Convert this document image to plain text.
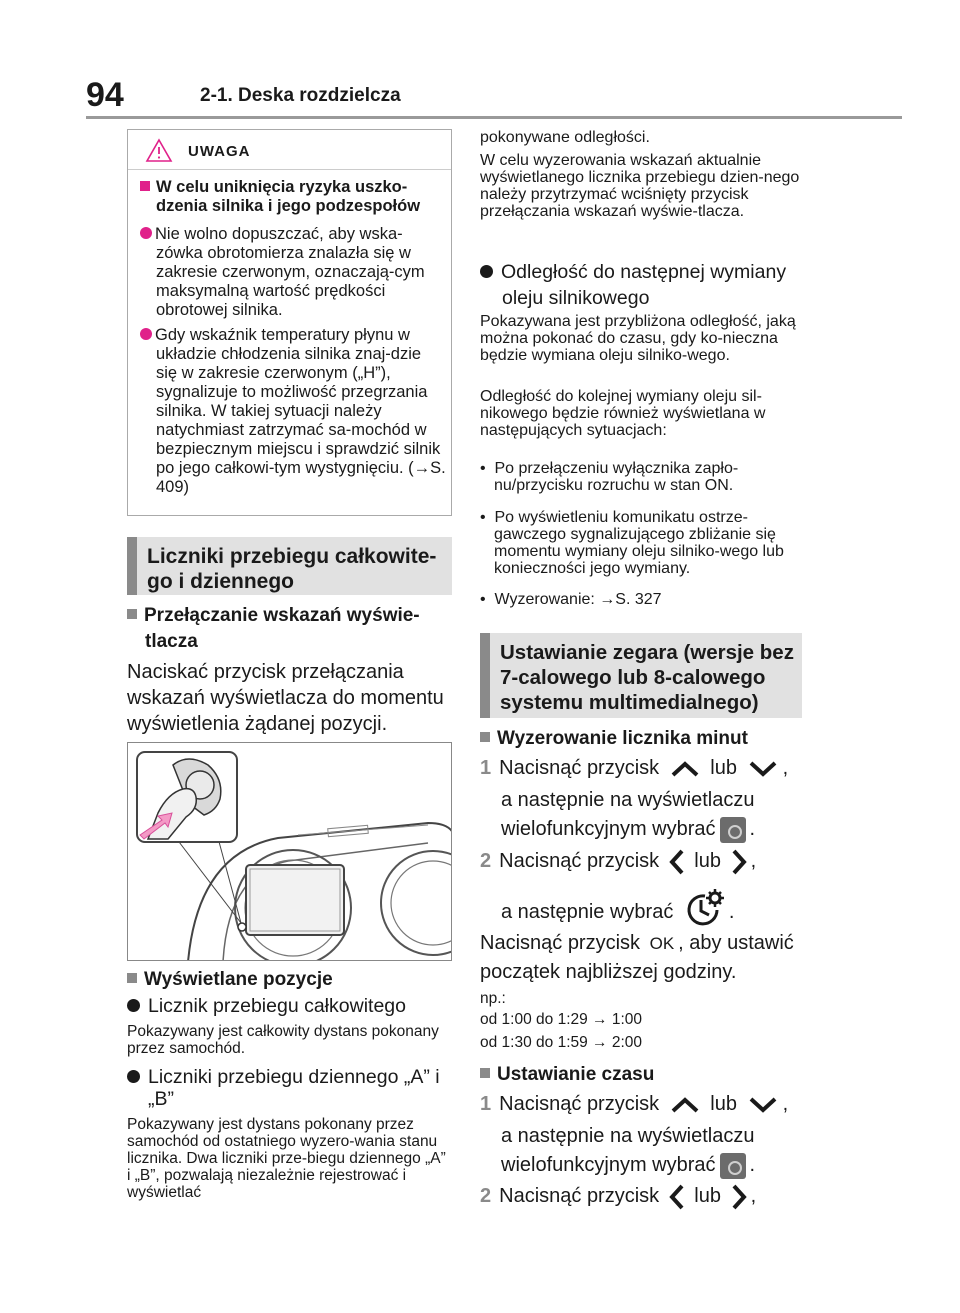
94	2-1. Deska rozdzielcza
UWAGA
W celu uniknięcia ryzyka uszko-dzenia silnika i jego podzespołów
Nie wolno dopuszczać, aby wska-zówka obrotomierza znalazła się w zakresie czerwonym, oznaczają-cym maksymalną wartość prędkości obrotowej silnika.
Gdy wskaźnik temperatury płynu w układzie chłodzenia silnika znaj-dzie się w zakresie czerwonym („H”), sygnalizuje to możliwość przegrzania silnika. W takiej sytuacji należy natychmiast zatrzymać sa-mochód w bezpiecznym miejscu i sprawdzić silnik po jego całkowi-tym wystygnięciu. (→S. 409)
Liczniki przebiegu całkowite-go i dziennego
Przełączanie wskazań wyświe-tlacza
Naciskać przycisk przełączania wskazań wyświetlacza do momentu wyświetlenia żądanej pozycji.
Wyświetlane pozycje
Licznik przebiegu całkowitego
Pokazywany jest całkowity dystans pokonany przez samochód.
Liczniki przebiegu dziennego „A” i „B”
Pokazywany jest dystans pokonany przez samochód od ostatniego wyzero-wania stanu licznika. Dwa liczniki prze-biegu dziennego „A” i „B”, pozwalają niezależnie rejestrować i wyświetlać
pokonywane odległości.
W celu wyzerowania wskazań aktualnie wyświetlanego licznika przebiegu dzien-nego należy przytrzymać wciśnięty przycisk przełączania wskazań wyświe-tlacza.
Odległość do następnej wymiany oleju silnikowego
Pokazywana jest przybliżona odległość, jaką można pokonać do czasu, gdy ko-nieczna będzie wymiana oleju silniko-wego.
Odległość do kolejnej wymiany oleju sil-nikowego będzie również wyświetlana w następujących sytuacjach:
•  Po przełączeniu wyłącznika zapło-nu/przycisku rozruchu w stan ON.
•  Po wyświetleniu komunikatu ostrze-gawczego sygnalizującego zbliżanie się momentu wymiany oleju silniko-wego lub konieczności jego wymiany.
•  Wyzerowanie: →S. 327
Ustawianie zegara (wersje bez 7-calowego lub 8-calowego systemu multimedialnego)
Wyzerowanie licznika minut
1 Nacisnąć przycisk	lub ,
a następnie na wyświetlaczu
wielofunkcyjnym wybrać .
2 Nacisnąć przycisk lub ,
a następnie wybrać	.
Nacisnąć przycisk OK , aby ustawić początek najbliższej godziny.
np.:
od 1:00 do 1:29 → 1:00
od 1:30 do 1:59 → 2:00
Ustawianie czasu
1 Nacisnąć przycisk	lub ,
a następnie na wyświetlaczu
wielofunkcyjnym wybrać .
2 Nacisnąć przycisk lub ,
